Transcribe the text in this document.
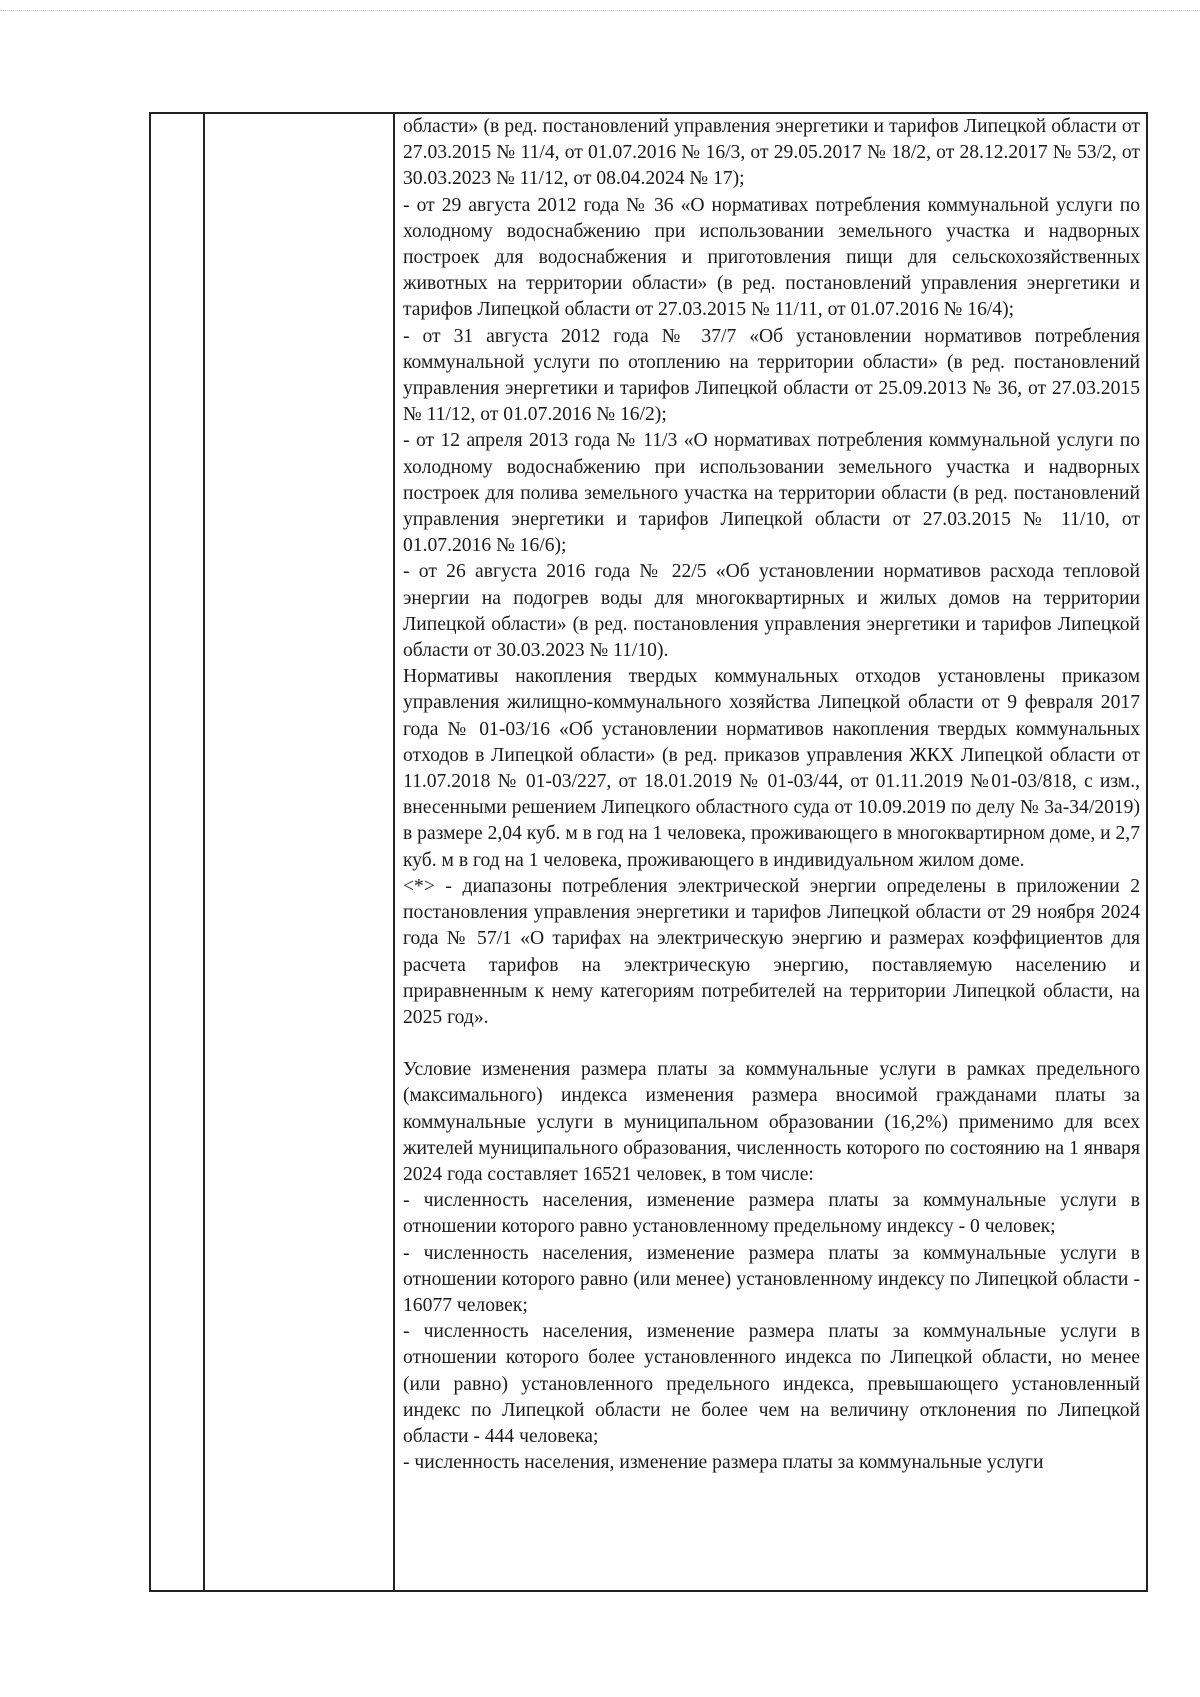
области» (в ред. постановлений управления энергетики и тарифов Липецкой области от 27.03.2015 № 11/4, от 01.07.2016 № 16/3, от 29.05.2017 № 18/2, от 28.12.2017 № 53/2, от 30.03.2023 № 11/12, от 08.04.2024 № 17);

- от 29 августа 2012 года № 36 «О нормативах потребления коммунальной услуги по холодному водоснабжению при использовании земельного участка и надворных построек для водоснабжения и приготовления пищи для сельскохозяйственных животных на территории области» (в ред. постановлений управления энергетики и тарифов Липецкой области от 27.03.2015 № 11/11, от 01.07.2016 № 16/4);

- от 31 августа 2012 года № 37/7 «Об установлении нормативов потребления коммунальной услуги по отоплению на территории области» (в ред. постановлений управления энергетики и тарифов Липецкой области от 25.09.2013 № 36, от 27.03.2015 № 11/12, от 01.07.2016 № 16/2);

- от 12 апреля 2013 года № 11/3 «О нормативах потребления коммунальной услуги по холодному водоснабжению при использовании земельного участка и надворных построек для полива земельного участка на территории области (в ред. постановлений управления энергетики и тарифов Липецкой области от 27.03.2015 № 11/10, от 01.07.2016 № 16/6);

- от 26 августа 2016 года № 22/5 «Об установлении нормативов расхода тепловой энергии на подогрев воды для многоквартирных и жилых домов на территории Липецкой области» (в ред. постановления управления энергетики и тарифов Липецкой области от 30.03.2023 № 11/10).

Нормативы накопления твердых коммунальных отходов установлены приказом управления жилищно-коммунального хозяйства Липецкой области от 9 февраля 2017 года № 01-03/16 «Об установлении нормативов накопления твердых коммунальных отходов в Липецкой области» (в ред. приказов управления ЖКХ Липецкой области от 11.07.2018 № 01-03/227, от 18.01.2019 № 01-03/44, от 01.11.2019 №01-03/818, с изм., внесенными решением Липецкого областного суда от 10.09.2019 по делу № 3а-34/2019) в размере 2,04 куб. м в год на 1 человека, проживающего в многоквартирном доме, и 2,7 куб. м в год на 1 человека, проживающего в индивидуальном жилом доме.

<*> - диапазоны потребления электрической энергии определены в приложении 2 постановления управления энергетики и тарифов Липецкой области от 29 ноября 2024 года № 57/1 «О тарифах на электрическую энергию и размерах коэффициентов для расчета тарифов на электрическую энергию, поставляемую населению и приравненным к нему категориям потребителей на территории Липецкой области, на 2025 год».

Условие изменения размера платы за коммунальные услуги в рамках предельного (максимального) индекса изменения размера вносимой гражданами платы за коммунальные услуги в муниципальном образовании (16,2%) применимо для всех жителей муниципального образования, численность которого по состоянию на 1 января 2024 года составляет 16521 человек, в том числе:

- численность населения, изменение размера платы за коммунальные услуги в отношении которого равно установленному предельному индексу - 0 человек;

- численность населения, изменение размера платы за коммунальные услуги в отношении которого равно (или менее) установленному индексу по Липецкой области - 16077 человек;

- численность населения, изменение размера платы за коммунальные услуги в отношении которого более установленного индекса по Липецкой области, но менее (или равно) установленного предельного индекса, превышающего установленный индекс по Липецкой области не более чем на величину отклонения по Липецкой области - 444 человека;

- численность населения, изменение размера платы за коммунальные услуги
